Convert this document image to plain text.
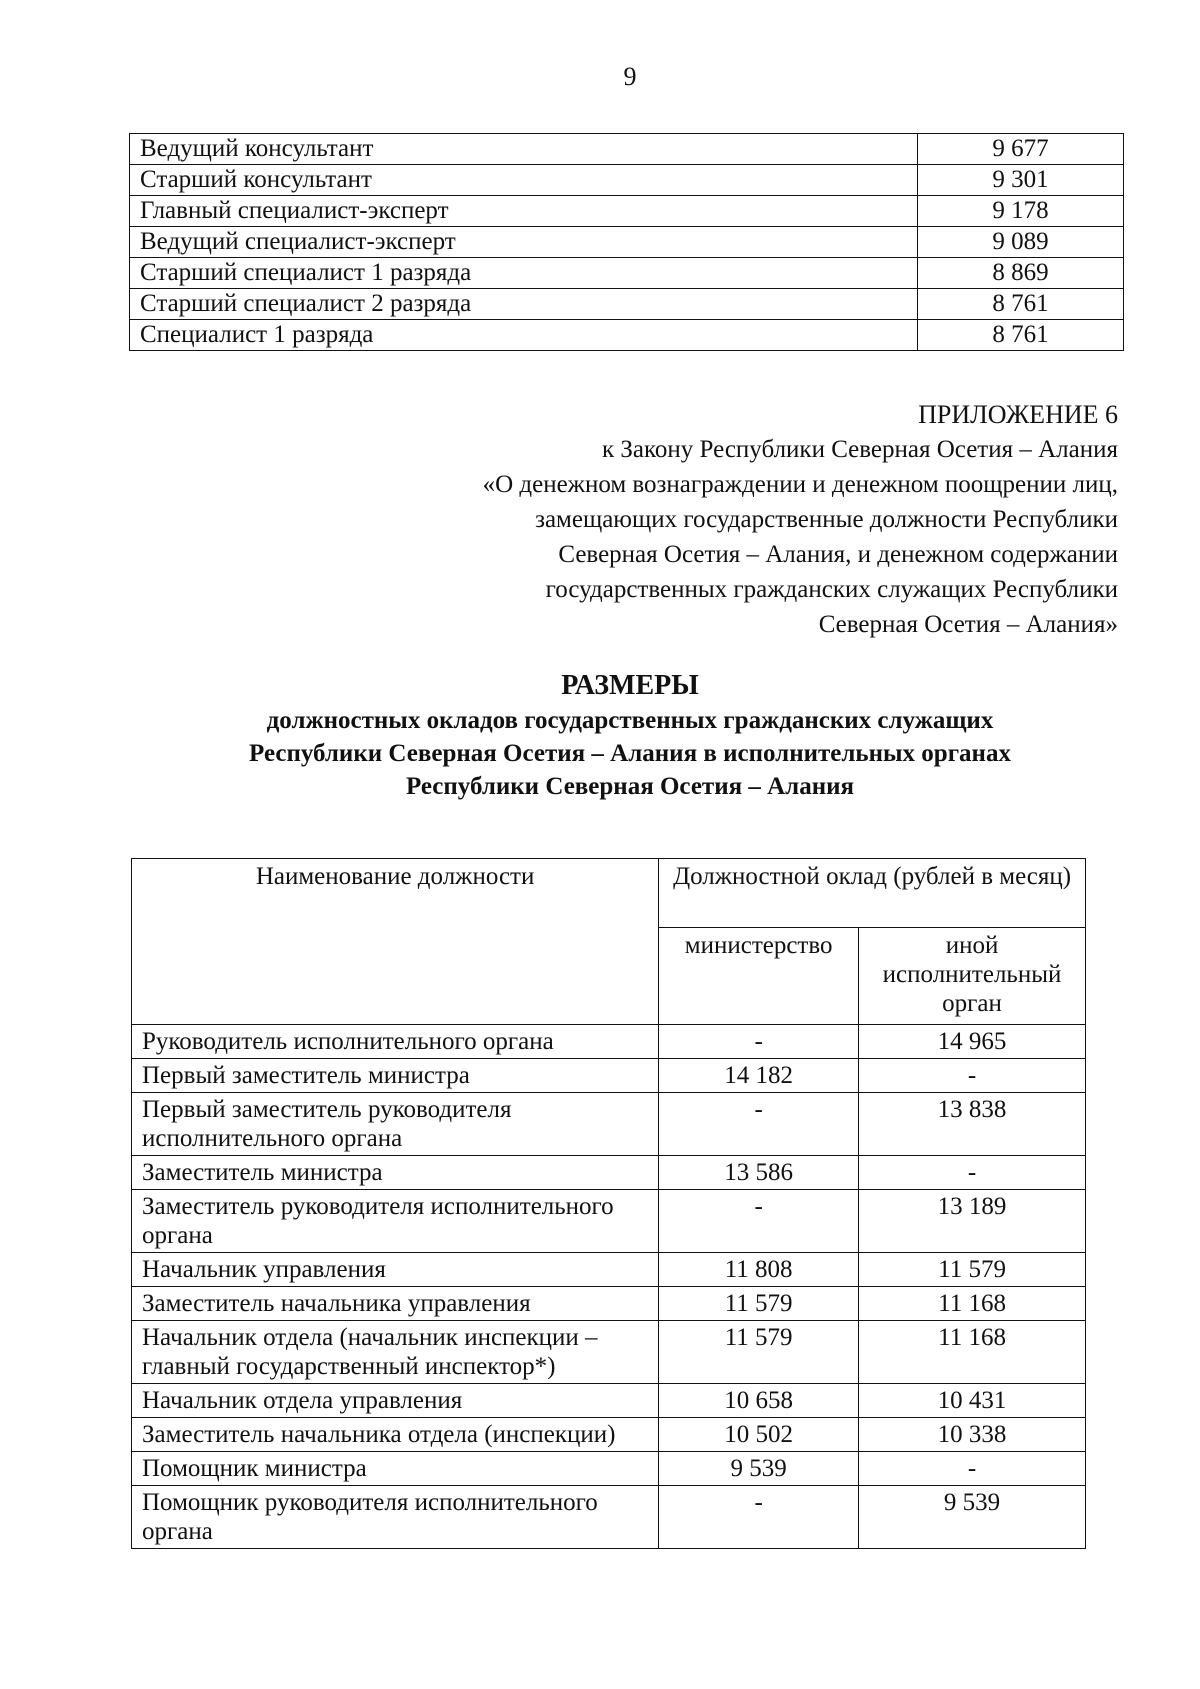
9
Ведущий консультант	9 677
Старший консультант	9 301
Главный специалист-эксперт	9 178
Ведущий специалист-эксперт	9 089
Старший специалист 1 разряда	8 869
Старший специалист 2 разряда	8 761
Специалист 1 разряда	8 761
ПРИЛОЖЕНИЕ 6
к Закону Республики Северная Осетия – Алания
«О денежном вознаграждении и денежном поощрении лиц,
замещающих государственные должности Республики
Северная Осетия – Алания, и денежном содержании
государственных гражданских служащих Республики
Северная Осетия – Алания»
РАЗМЕРЫ
должностных окладов государственных гражданских служащих
Республики Северная Осетия – Алания в исполнительных органах
Республики Северная Осетия – Алания
Наименование должности	Должностной оклад (рублей в месяц)	
	министерство	иной исполнительный орган
Руководитель исполнительного органа	-	14 965
Первый заместитель министра	14 182	-
Первый заместитель руководителя исполнительного органа	-	13 838
Заместитель министра	13 586	-
Заместитель руководителя исполнительного органа	-	13 189
Начальник управления	11 808	11 579
Заместитель начальника управления	11 579	11 168
Начальник отдела (начальник инспекции – главный государственный инспектор*)	11 579	11 168
Начальник отдела управления	10 658	10 431
Заместитель начальника отдела (инспекции)	10 502	10 338
Помощник министра	9 539	-
Помощник руководителя исполнительного органа	-	9 539
